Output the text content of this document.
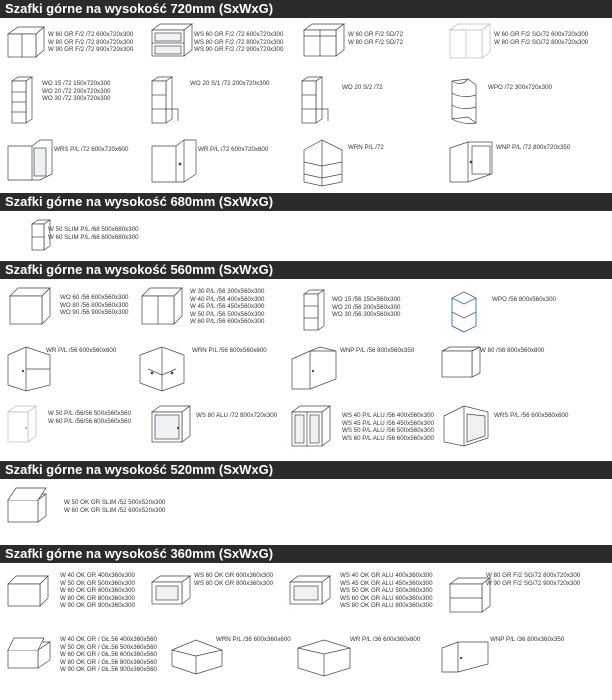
Szafki górne na wysokość 720mm (SxWxG)
Szafki górne na wysokość 680mm (SxWxG)
Szafki górne na wysokość 560mm (SxWxG)
Szafki górne na wysokość 520mm (SxWxG)
Szafki górne na wysokość 360mm (SxWxG)
W 60 GR F/2 /72 600x720x300
W 80 GR F/2 /72 800x720x300
W 90 GR F/2 /72 900x720x300
WS 60 GR F/2 /72 600x720x300
WS 80 GR F/2 /72 800x720x300
WS 90 GR F/2 /72 900x720x300
W 60 GR F/2 SD/72
W 80 GR F/2 SD/72
W 60 GR F/2 SG/72 600x720x300
W 80 GR F/2 SG/72 800x720x300
WO 15 /72 150x720x300
WO 20 /72 200x720x300
WO 30 /72 300x720x300
WO 20 S/1 /72 200x720x300
WO 20 S/2 /72	WPO /72 300x720x300
WRS P/L /72 600x720x600	WR P/L /72 600x720x600	WRN P/L /72	WNP P/L /72 800x720x350
W 50 SLIM P/L /68 500x680x300
W 60 SLIM P/L /68 600x680x300
WO 60 /56 600x560x300
WO 80 /56 800x560x300
WO 90 /56 900x560x300
W 30 P/L /56 300x560x300
W 40 P/L /56 400x560x300
W 45 P/L /56 450x560x300
W 50 P/L /56 500x560x300
W 60 P/L /56 600x560x300
WO 15 /56 150x560x300
WO 20 /56 200x560x300
WO 30 /56 300x560x300
WPO /56 800x560x300
WR P/L /56 600x560x600	WRN P/L /56 600x560x600	WNP P/L /56 800x560x350	W 80 /S6 800x560x800
W 50 P/L /56/56 500x560x560
W 60 P/L /56/56 600x560x560
WS 80 ALU /72 800x720x300	WS 40 P/L ALU /56 400x560x300
WS 45 P/L ALU /56 450x560x300
WS 50 P/L ALU /56 500x560x300
WS 60 P/L ALU /56 600x560x300
WRS P/L /56 600x560x600
W 50 OK GR SLIM /52 500x520x300
W 60 OK GR SLIM /52 600x520x300
W 40 OK GR 400x360x300
W 50 OK GR 500x360x300
W 60 OK GR 600x360x300
W 80 OK GR 800x360x300
W 90 OK GR 900x360x300
WS 60 OK GR 600x360x300
WS 80 OK GR 800x360x300
WS 40 OK GR ALU 400x360x300
WS 45 OK GR ALU 450x360x300
WS 50 OK GR ALU 500x360x300
WS 60 OK GR ALU 600x360x300
WS 80 OK GR ALU 800x360x300
W 80 GR F/2 SG/72 800x720x300
W 90 GR F/2 SG/72 900x720x300
W 40 OK GR / GŁ.56 400x360x560
W 50 OK GR / GŁ.56 500x360x560
W 60 OK GR / GŁ.56 600x360x560
W 80 OK GR / GŁ.56 800x360x560
W 90 OK GR / GŁ.56 900x360x560
WRN P/L /36 600x360x600	WR P/L /36 600x360x600	WNP P/L /36 800x360x350
